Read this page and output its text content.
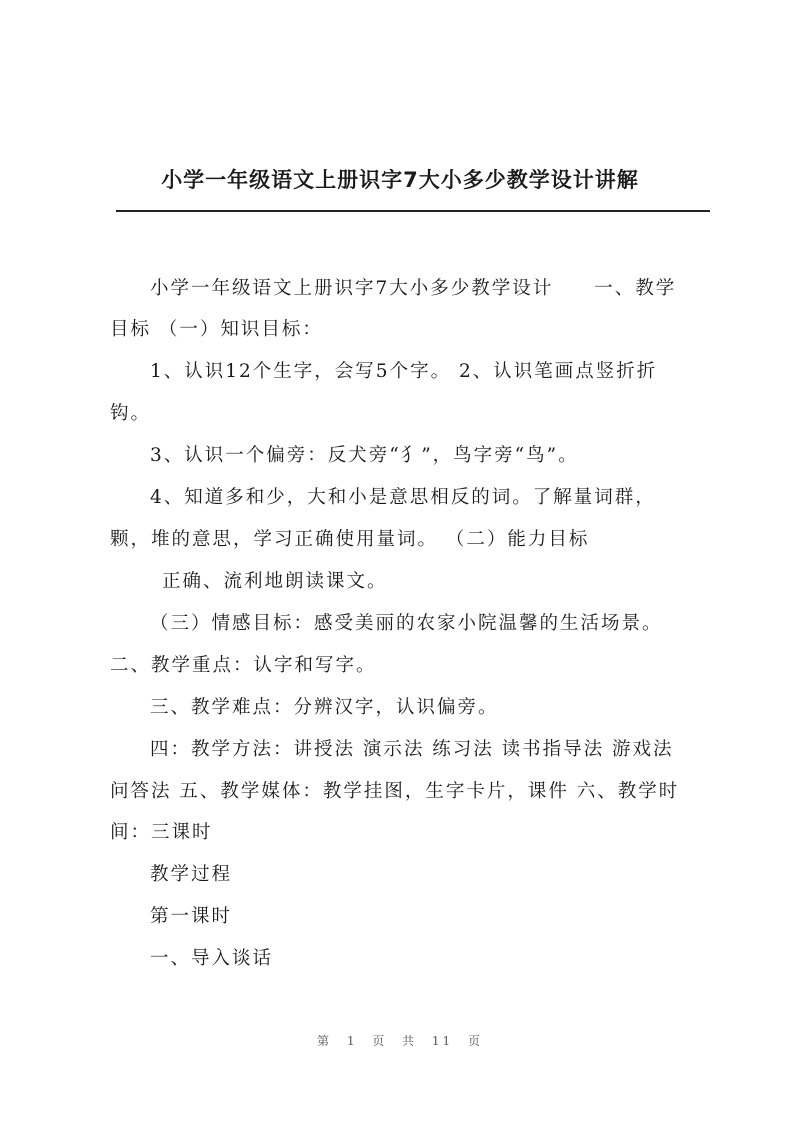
小学一年级语文上册识字7大小多少教学设计讲解
小学一年级语文上册识字7大小多少教学设计　　一、教学
目标 （一）知识目标：
1、认识12个生字，会写5个字。 2、认识笔画点竖折折
钩。
3、认识一个偏旁：反犬旁“犭”，鸟字旁“鸟”。
4、知道多和少，大和小是意思相反的词。了解量词群，
颗，堆的意思，学习正确使用量词。 （二）能力目标
正确、流利地朗读课文。
（三）情感目标：感受美丽的农家小院温馨的生活场景。
二、教学重点：认字和写字。
三、教学难点：分辨汉字，认识偏旁。
四：教学方法：讲授法 演示法 练习法 读书指导法 游戏法
问答法 五、教学媒体：教学挂图，生字卡片，课件 六、教学时
间：三课时
教学过程
第一课时
一、导入谈话
第 1 页 共 11 页
